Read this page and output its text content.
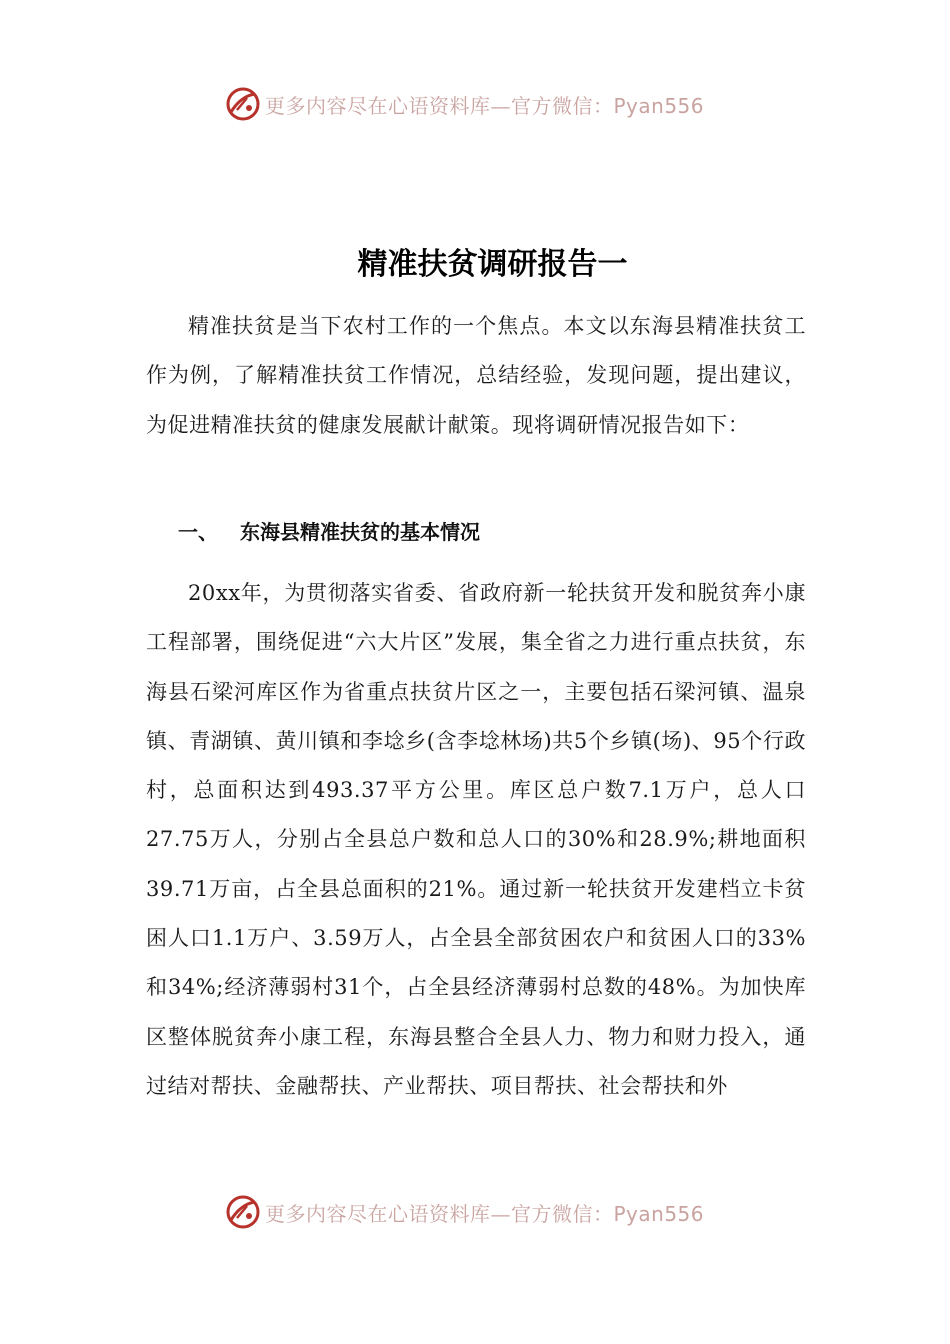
更多内容尽在心语资料库—官方微信：Pyan556
精准扶贫调研报告一

精准扶贫是当下农村工作的一个焦点。本文以东海县精准扶贫工作为例，了解精准扶贫工作情况，总结经验，发现问题，提出建议，为促进精准扶贫的健康发展献计献策。现将调研情况报告如下：

一、 东海县精准扶贫的基本情况

20xx年，为贯彻落实省委、省政府新一轮扶贫开发和脱贫奔小康工程部署，围绕促进“六大片区”发展，集全省之力进行重点扶贫，东海县石梁河库区作为省重点扶贫片区之一，主要包括石梁河镇、温泉镇、青湖镇、黄川镇和李埝乡(含李埝林场)共5个乡镇(场)、95个行政村，总面积达到493.37平方公里。库区总户数7.1万户，总人口27.75万人，分别占全县总户数和总人口的30%和28.9%;耕地面积39.71万亩，占全县总面积的21%。通过新一轮扶贫开发建档立卡贫困人口1.1万户、3.59万人，占全县全部贫困农户和贫困人口的33%和34%;经济薄弱村31个，占全县经济薄弱村总数的48%。为加快库区整体脱贫奔小康工程，东海县整合全县人力、物力和财力投入，通过结对帮扶、金融帮扶、产业帮扶、项目帮扶、社会帮扶和外

更多内容尽在心语资料库—官方微信：Pyan556
